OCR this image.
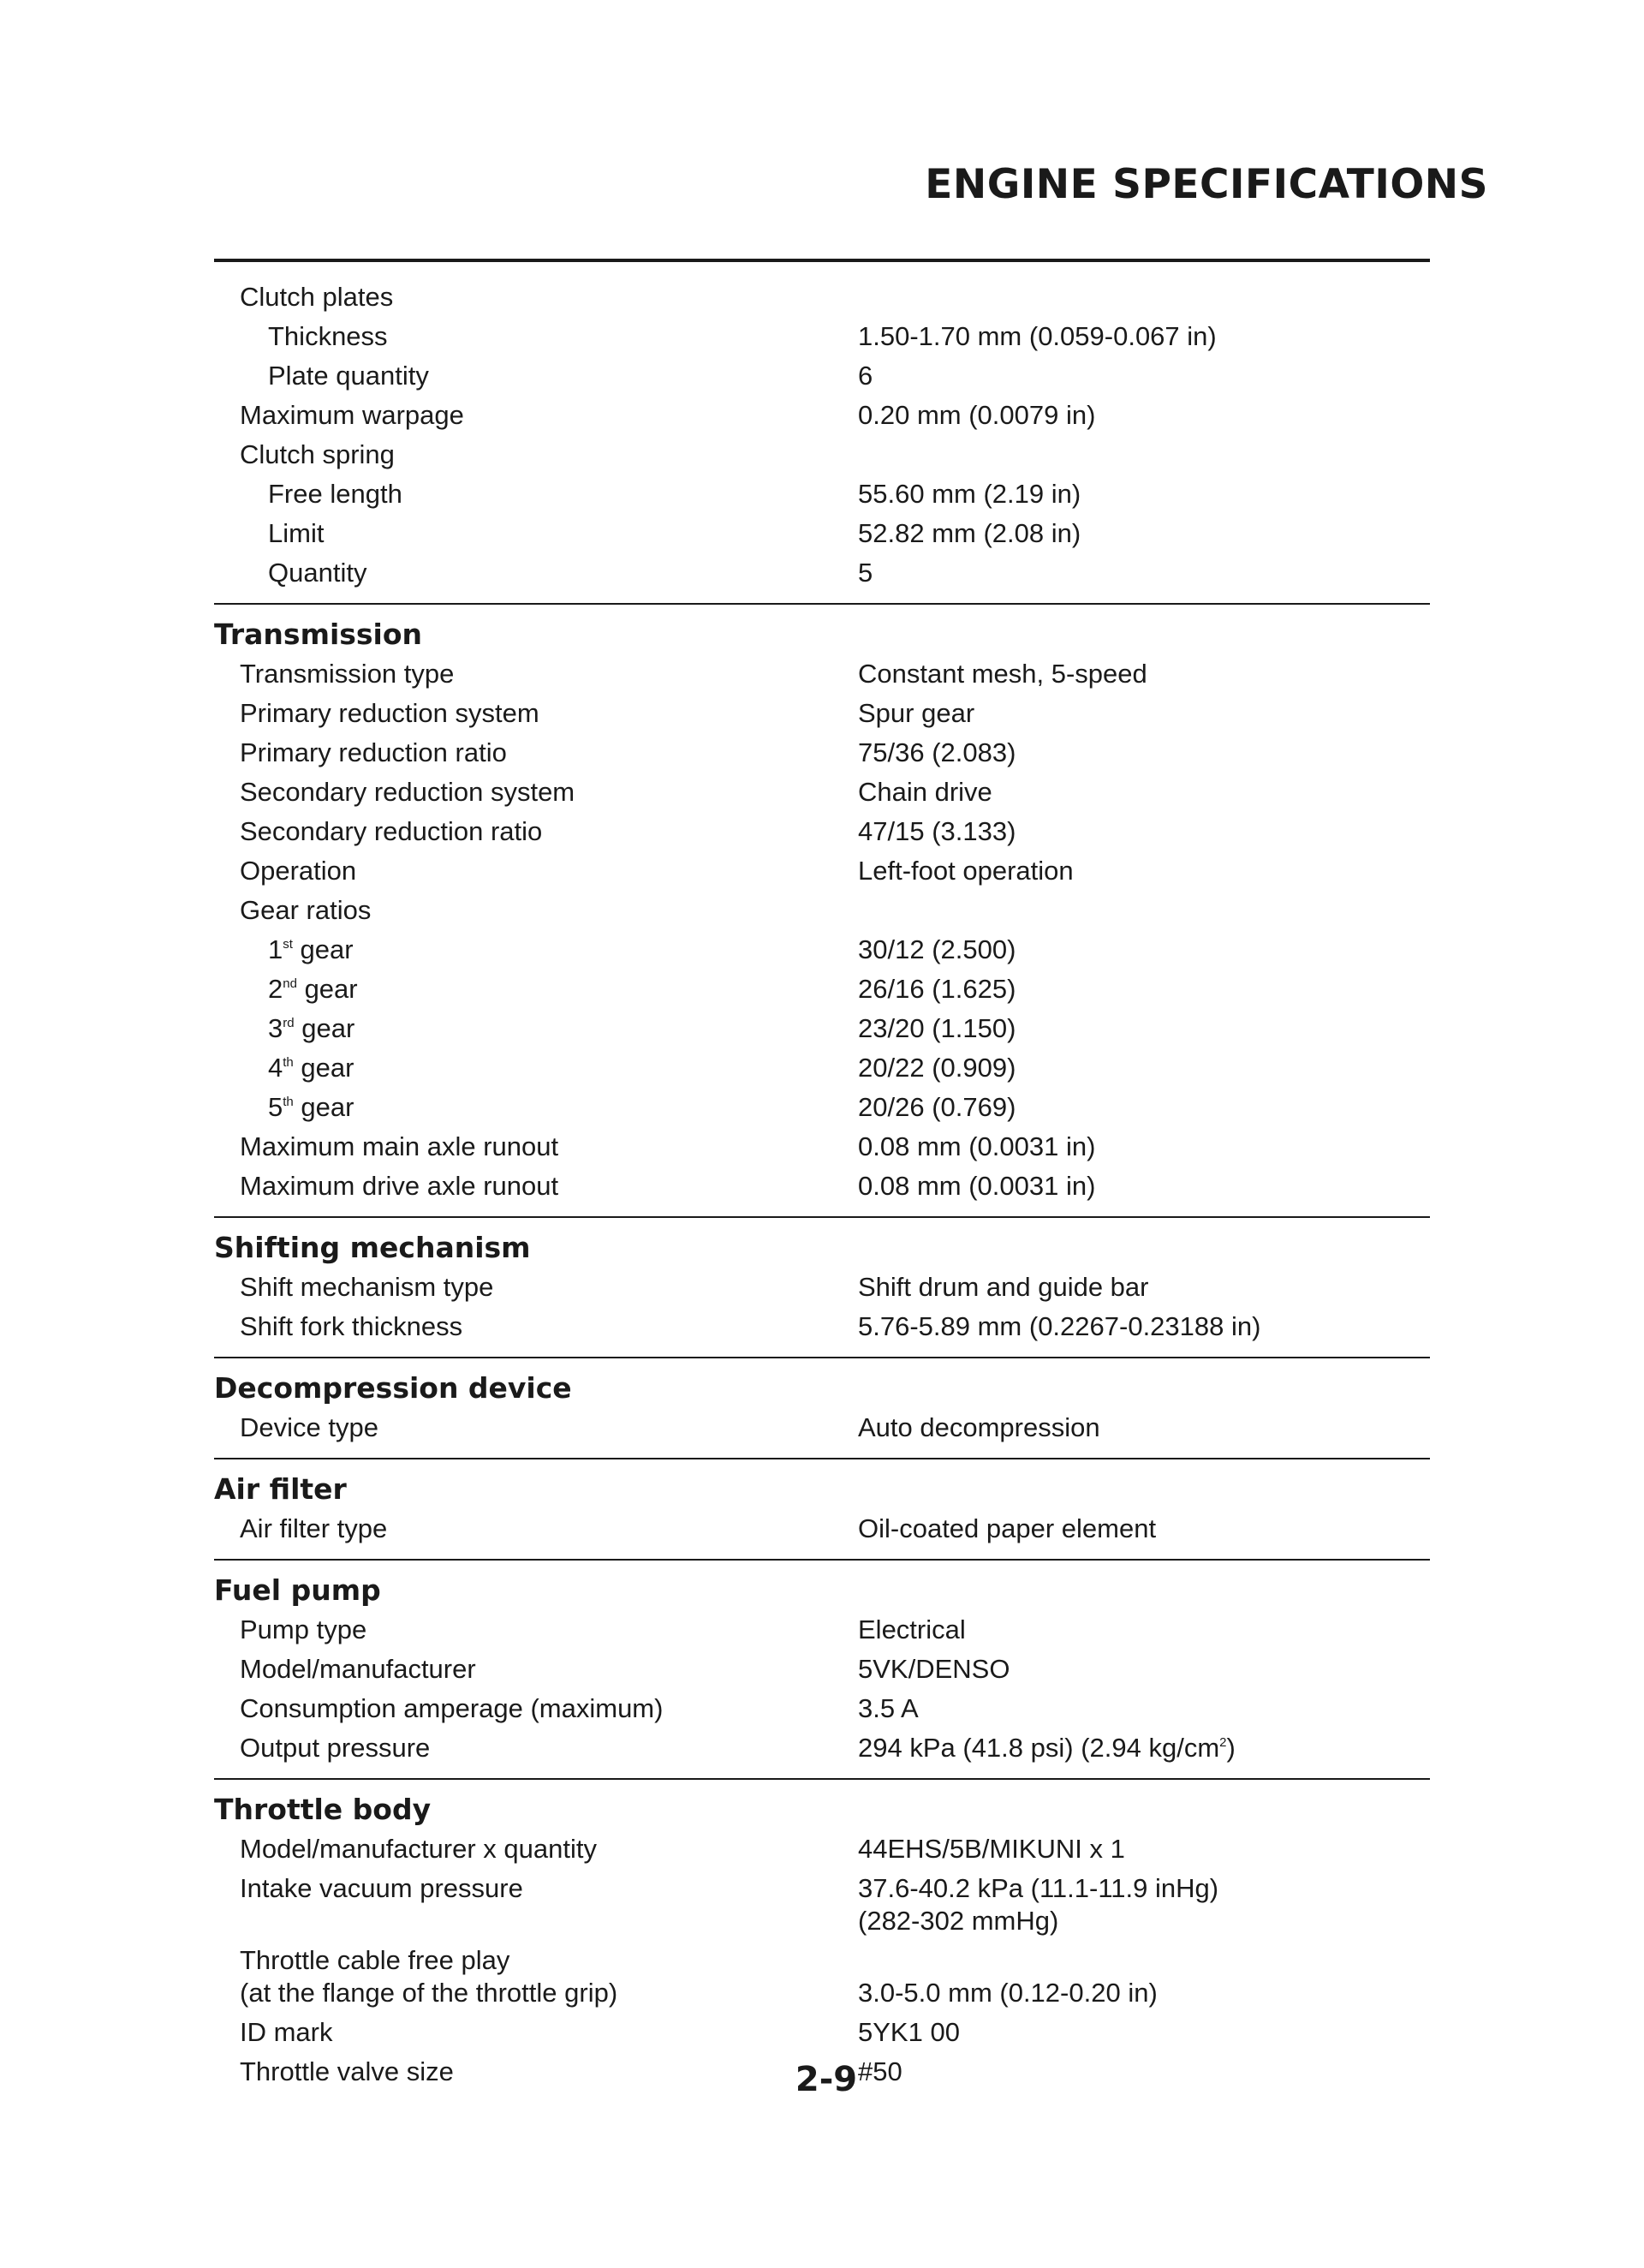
ENGINE SPECIFICATIONS
Clutch plates
Thickness	1.50-1.70 mm (0.059-0.067 in)
Plate quantity	6
Maximum warpage	0.20 mm (0.0079 in)
Clutch spring
Free length	55.60 mm (2.19 in)
Limit	52.82 mm (2.08 in)
Quantity	5
Transmission
Transmission type	Constant mesh, 5-speed
Primary reduction system	Spur gear
Primary reduction ratio	75/36 (2.083)
Secondary reduction system	Chain drive
Secondary reduction ratio	47/15 (3.133)
Operation	Left-foot operation
Gear ratios
1st gear	30/12 (2.500)
2nd gear	26/16 (1.625)
3rd gear	23/20 (1.150)
4th gear	20/22 (0.909)
5th gear	20/26 (0.769)
Maximum main axle runout	0.08 mm (0.0031 in)
Maximum drive axle runout	0.08 mm (0.0031 in)
Shifting mechanism
Shift mechanism type	Shift drum and guide bar
Shift fork thickness	5.76-5.89 mm (0.2267-0.23188 in)
Decompression device
Device type	Auto decompression
Air filter
Air filter type	Oil-coated paper element
Fuel pump
Pump type	Electrical
Model/manufacturer	5VK/DENSO
Consumption amperage (maximum)	3.5 A
Output pressure	294 kPa (41.8 psi) (2.94 $kg/cm^2$)
Throttle body
Model/manufacturer x quantity	44EHS/5B/MIKUNI x 1
Intake vacuum pressure	37.6-40.2 kPa (11.1-11.9 inHg)
(282-302 mmHg)
Throttle cable free play
(at the flange of the throttle grip)
	3.0-5.0 mm (0.12-0.20 in)
ID mark	5YK1 00
Throttle valve size	#50
2-9
